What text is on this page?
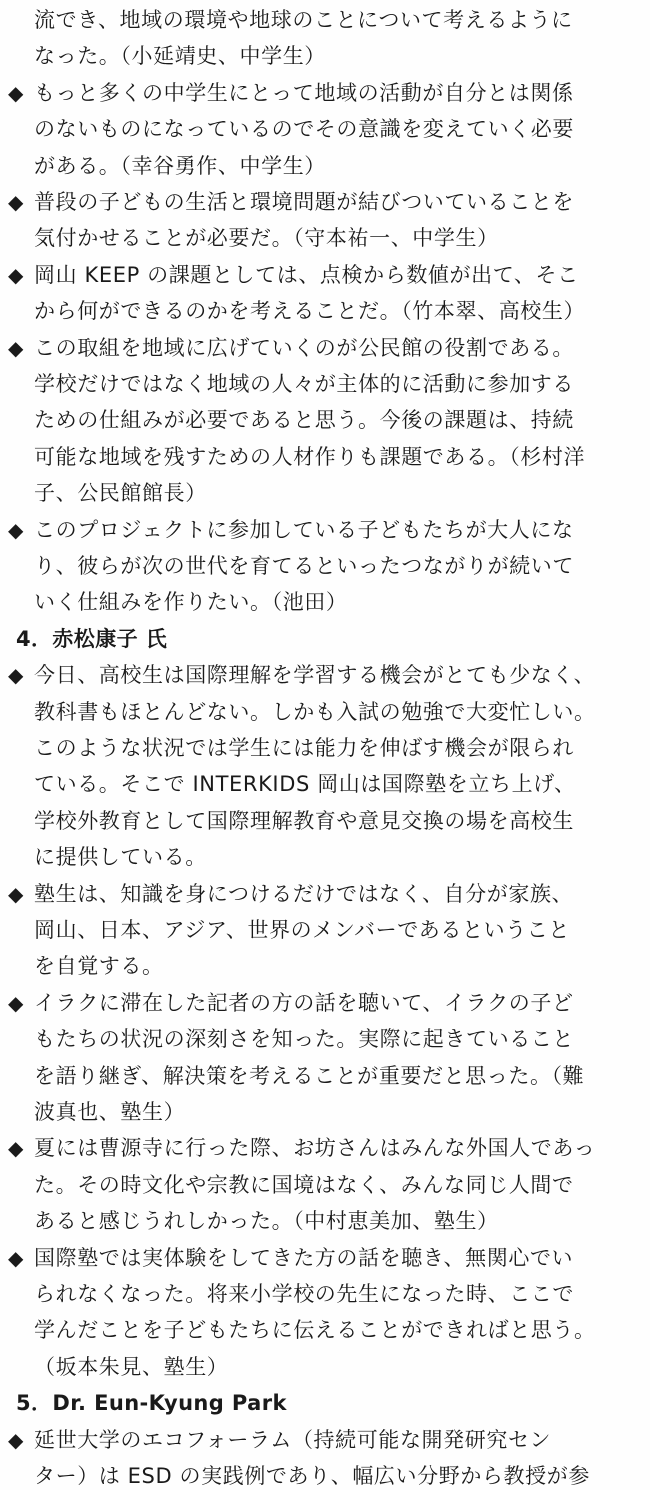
流でき、地域の環境や地球のことについて考えるように
なった。（小延靖史、中学生）
◆ もっと多くの中学生にとって地域の活動が自分とは関係
のないものになっているのでその意識を変えていく必要
がある。（幸谷勇作、中学生）
◆ 普段の子どもの生活と環境問題が結びついていることを
気付かせることが必要だ。（守本祐一、中学生）
◆ 岡山 KEEP の課題としては、点検から数値が出て、そこ
から何ができるのかを考えることだ。（竹本翠、高校生）
◆ この取組を地域に広げていくのが公民館の役割である。
学校だけではなく地域の人々が主体的に活動に参加する
ための仕組みが必要であると思う。今後の課題は、持続
可能な地域を残すための人材作りも課題である。（杉村洋
子、公民館館長）
◆ このプロジェクトに参加している子どもたちが大人にな
り、彼らが次の世代を育てるといったつながりが続いて
いく仕組みを作りたい。（池田）
4．赤松康子 氏
◆ 今日、高校生は国際理解を学習する機会がとても少なく、
教科書もほとんどない。しかも入試の勉強で大変忙しい。
このような状況では学生には能力を伸ばす機会が限られ
ている。そこで INTERKIDS 岡山は国際塾を立ち上げ、
学校外教育として国際理解教育や意見交換の場を高校生
に提供している。
◆ 塾生は、知識を身につけるだけではなく、自分が家族、
岡山、日本、アジア、世界のメンバーであるということ
を自覚する。
◆ イラクに滞在した記者の方の話を聴いて、イラクの子ど
もたちの状況の深刻さを知った。実際に起きていること
を語り継ぎ、解決策を考えることが重要だと思った。（難
波真也、塾生）
◆ 夏には曹源寺に行った際、お坊さんはみんな外国人であっ
た。その時文化や宗教に国境はなく、みんな同じ人間で
あると感じうれしかった。（中村恵美加、塾生）
◆ 国際塾では実体験をしてきた方の話を聴き、無関心でい
られなくなった。将来小学校の先生になった時、ここで
学んだことを子どもたちに伝えることができればと思う。
（坂本朱見、塾生）
5．Dr. Eun-Kyung Park
◆ 延世大学のエコフォーラム（持続可能な開発研究セン
ター）は ESD の実践例であり、幅広い分野から教授が参
